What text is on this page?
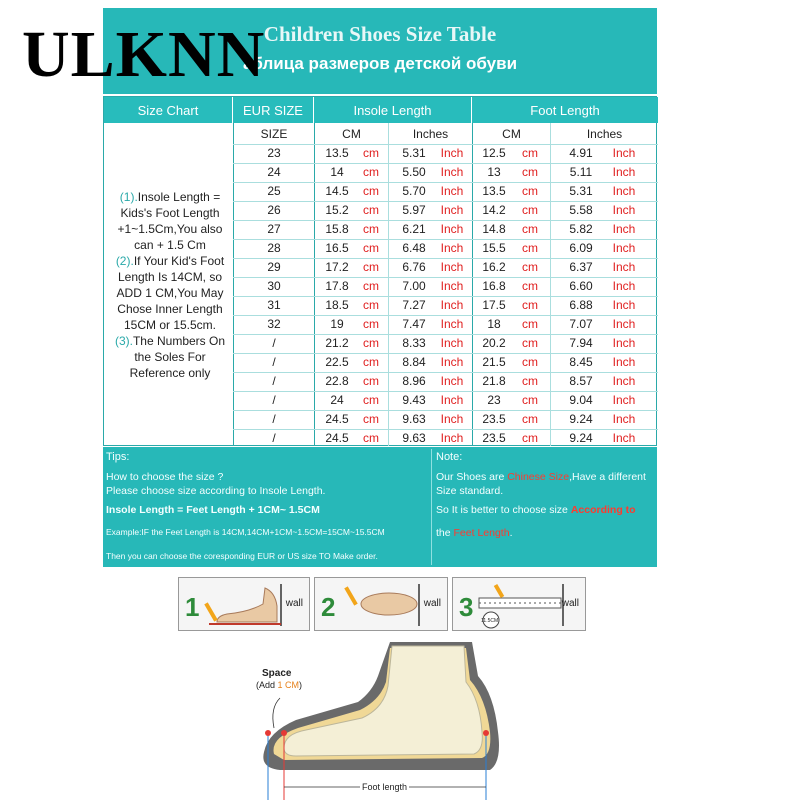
ULKNN
Children Shoes Size Table
аблица размеров детской обуви
Size Chart	EUR SIZE	Insole Length	Foot Length
(1).Insole Length = Kids's Foot Length +1~1.5Cm,You also can + 1.5 Cm
(2).If Your Kid's Foot Length Is 14CM, so ADD 1 CM,You May Chose Inner Length 15CM or 15.5cm.
(3).The Numbers On the Soles For Reference only
SIZE	CM	Inches	CM	Inches
23	13.5	cm	5.31	Inch	12.5	cm	4.91	Inch
24	14	cm	5.50	Inch	13	cm	5.11	Inch
25	14.5	cm	5.70	Inch	13.5	cm	5.31	Inch
26	15.2	cm	5.97	Inch	14.2	cm	5.58	Inch
27	15.8	cm	6.21	Inch	14.8	cm	5.82	Inch
28	16.5	cm	6.48	Inch	15.5	cm	6.09	Inch
29	17.2	cm	6.76	Inch	16.2	cm	6.37	Inch
30	17.8	cm	7.00	Inch	16.8	cm	6.60	Inch
31	18.5	cm	7.27	Inch	17.5	cm	6.88	Inch
32	19	cm	7.47	Inch	18	cm	7.07	Inch
/	21.2	cm	8.33	Inch	20.2	cm	7.94	Inch
/	22.5	cm	8.84	Inch	21.5	cm	8.45	Inch
/	22.8	cm	8.96	Inch	21.8	cm	8.57	Inch
/	24	cm	9.43	Inch	23	cm	9.04	Inch
/	24.5	cm	9.63	Inch	23.5	cm	9.24	Inch
/	24.5	cm	9.63	Inch	23.5	cm	9.24	Inch
Tips:
How to choose the size ?
Please choose size according to Insole Length.
Insole Length = Feet Length + 1CM~ 1.5CM
Example:IF the Feet Length is 14CM,14CM+1CM~1.5CM=15CM~15.5CM
Then you can choose the coresponding EUR or US size TO Make order.
Note:
Our Shoes are Chinese Size,Have a different
Size standard.
So It is better to choose size According to
the Feet Length.
1	wall 2	wall 3 11.5CM
wall
Space
(Add 1 CM)
Foot length
